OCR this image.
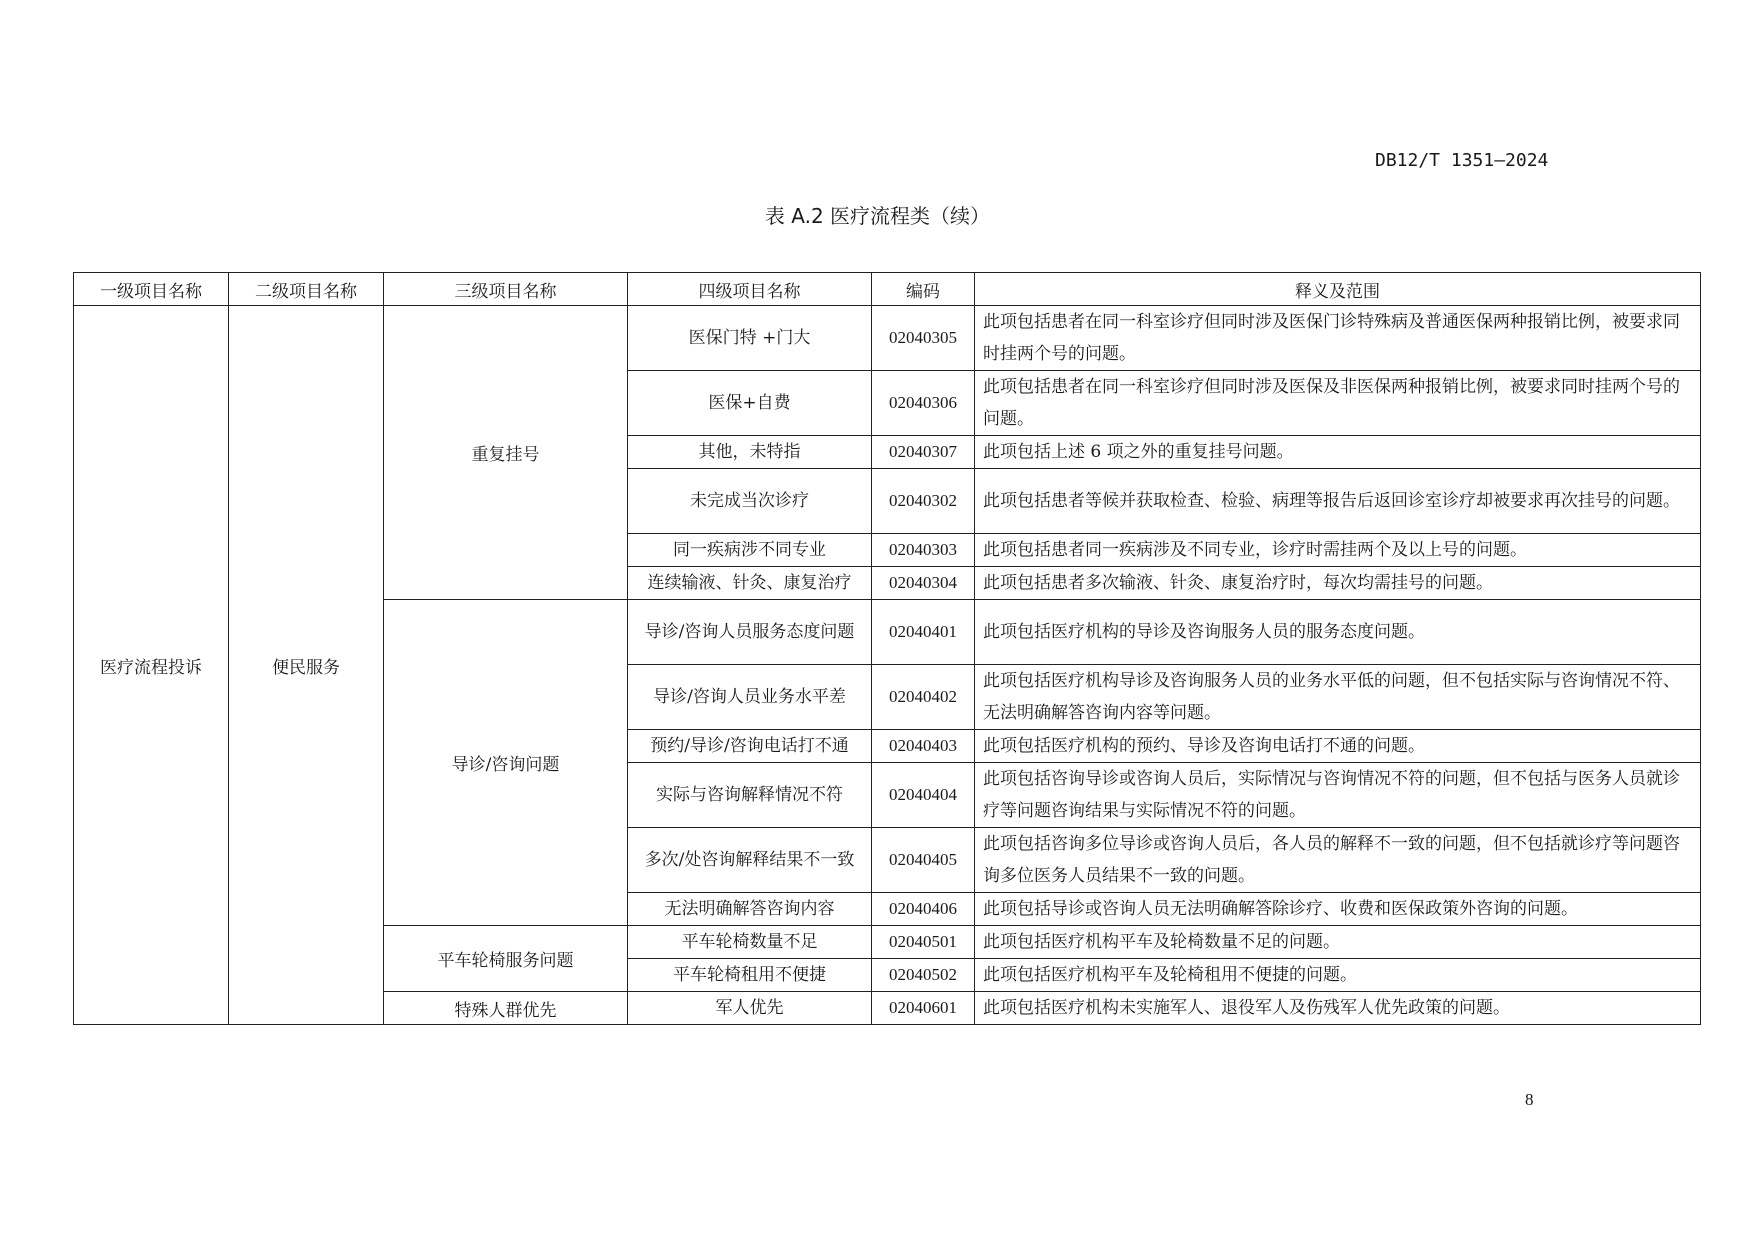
DB12/T 1351—2024
表 A.2 医疗流程类（续）
一级项目名称	二级项目名称	三级项目名称	四级项目名称	编码	释义及范围
医疗流程投诉	便民服务	重复挂号	医保门特 +门大	02040305	此项包括患者在同一科室诊疗但同时涉及医保门诊特殊病及普通医保两种报销比例，被要求同时挂两个号的问题。
			医保+自费	02040306	此项包括患者在同一科室诊疗但同时涉及医保及非医保两种报销比例，被要求同时挂两个号的问题。
			其他，未特指	02040307	此项包括上述 6 项之外的重复挂号问题。
			未完成当次诊疗	02040302	此项包括患者等候并获取检查、检验、病理等报告后返回诊室诊疗却被要求再次挂号的问题。
			同一疾病涉不同专业	02040303	此项包括患者同一疾病涉及不同专业，诊疗时需挂两个及以上号的问题。
			连续输液、针灸、康复治疗	02040304	此项包括患者多次输液、针灸、康复治疗时，每次均需挂号的问题。
		导诊/咨询问题	导诊/咨询人员服务态度问题	02040401	此项包括医疗机构的导诊及咨询服务人员的服务态度问题。
			导诊/咨询人员业务水平差	02040402	此项包括医疗机构导诊及咨询服务人员的业务水平低的问题，但不包括实际与咨询情况不符、无法明确解答咨询内容等问题。
			预约/导诊/咨询电话打不通	02040403	此项包括医疗机构的预约、导诊及咨询电话打不通的问题。
			实际与咨询解释情况不符	02040404	此项包括咨询导诊或咨询人员后，实际情况与咨询情况不符的问题，但不包括与医务人员就诊疗等问题咨询结果与实际情况不符的问题。
			多次/处咨询解释结果不一致	02040405	此项包括咨询多位导诊或咨询人员后，各人员的解释不一致的问题，但不包括就诊疗等问题咨询多位医务人员结果不一致的问题。
			无法明确解答咨询内容	02040406	此项包括导诊或咨询人员无法明确解答除诊疗、收费和医保政策外咨询的问题。
		平车轮椅服务问题	平车轮椅数量不足	02040501	此项包括医疗机构平车及轮椅数量不足的问题。
			平车轮椅租用不便捷	02040502	此项包括医疗机构平车及轮椅租用不便捷的问题。
		特殊人群优先	军人优先	02040601	此项包括医疗机构未实施军人、退役军人及伤残军人优先政策的问题。
8
